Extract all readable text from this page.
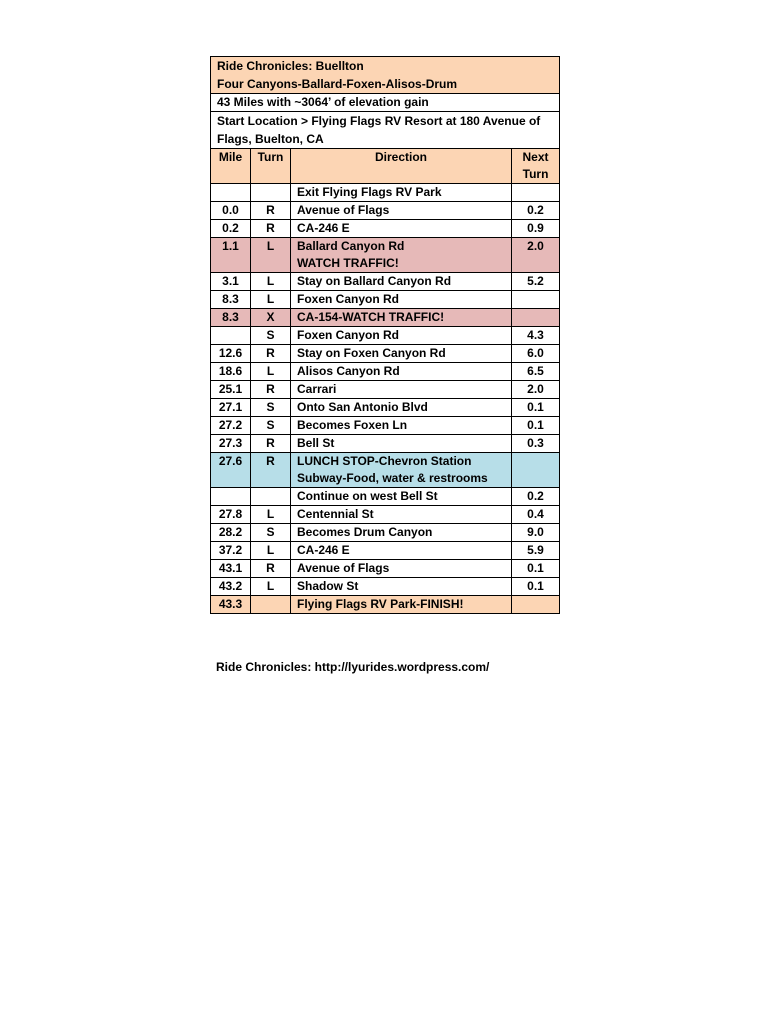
Ride Chronicles: Buellton
Four Canyons-Ballard-Foxen-Alisos-Drum			

43 Miles with ~3064’ of elevation gain			
Start Location > Flying Flags RV Resort at 180 Avenue of Flags, Buelton, CA			
Mile	Turn	Direction	Next Turn

		Exit Flying Flags RV Park	

0.0	R	Avenue of Flags	0.2
0.2	R	CA-246 E	0.9
1.1	L	Ballard Canyon Rd
WATCH TRAFFIC!	2.0
3.1	L	Stay on Ballard Canyon Rd	5.2
8.3	L	Foxen Canyon Rd	

8.3	X	CA-154-WATCH TRAFFIC!	

	S	Foxen Canyon Rd	4.3
12.6	R	Stay on Foxen Canyon Rd	6.0
18.6	L	Alisos Canyon Rd	6.5
25.1	R	Carrari	2.0
27.1	S	Onto San Antonio Blvd	0.1
27.2	S	Becomes Foxen Ln	0.1
27.3	R	Bell St	0.3
27.6	R	LUNCH STOP-Chevron Station
Subway-Food, water & restrooms	

		Continue on west Bell St	0.2
27.8	L	Centennial St	0.4
28.2	S	Becomes Drum Canyon	9.0
37.2	L	CA-246 E	5.9
43.1	R	Avenue of Flags	0.1
43.2	L	Shadow St	0.1
43.3		Flying Flags RV Park-FINISH!	

Ride Chronicles: http://lyurides.wordpress.com/
